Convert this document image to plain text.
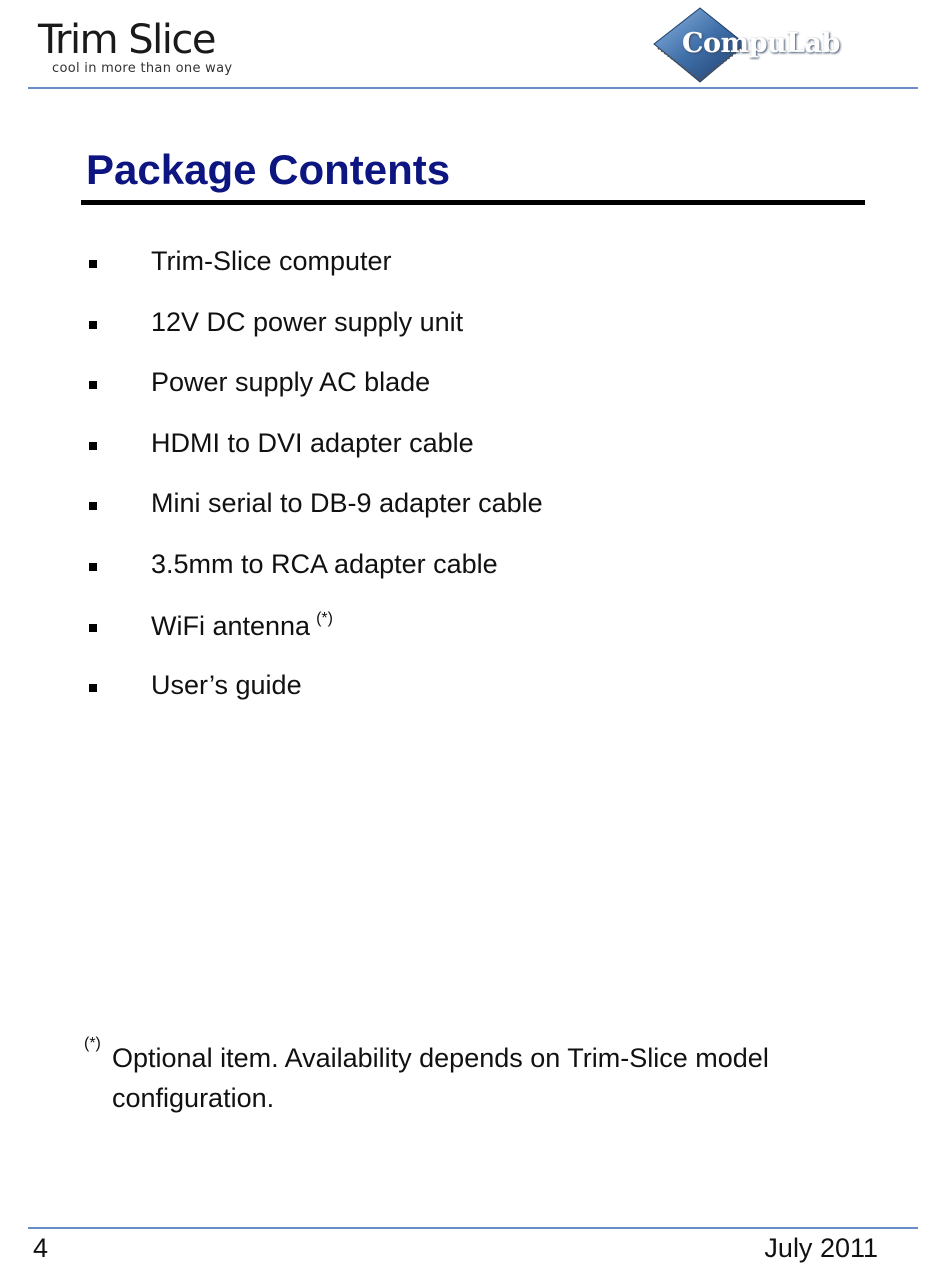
Trim Slice
cool in more than one way
CompuLab
Package Contents
Trim-Slice computer
12V DC power supply unit
Power supply AC blade
HDMI to DVI adapter cable
Mini serial to DB-9 adapter cable
3.5mm to RCA adapter cable
WiFi antenna (*)
User’s guide
(*) Optional item. Availability depends on Trim-Slice model configuration.
4	July 2011
